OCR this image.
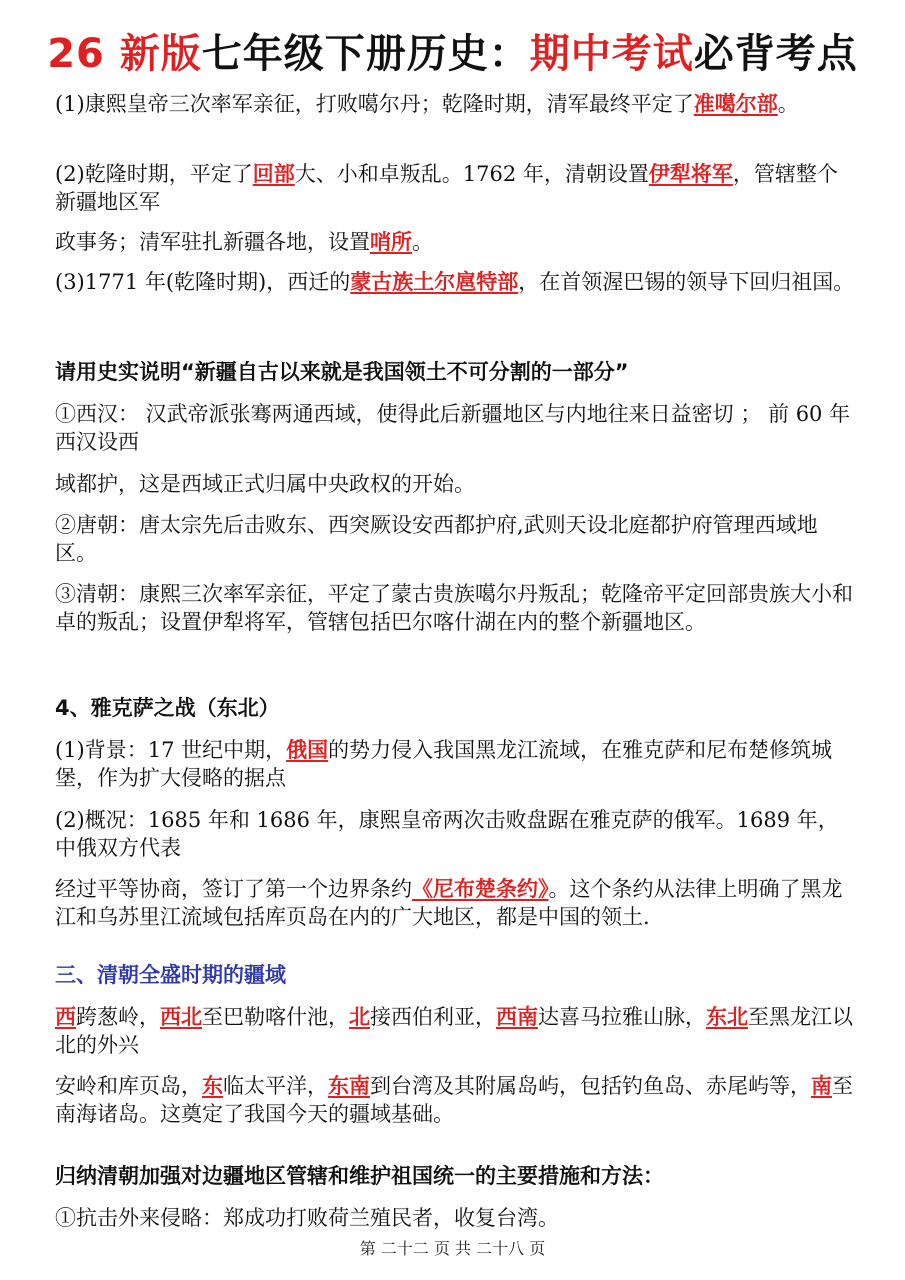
26 新版七年级下册历史：期中考试必背考点
(1)康熙皇帝三次率军亲征，打败噶尔丹；乾隆时期，清军最终平定了准噶尔部。
(2)乾隆时期，平定了回部大、小和卓叛乱。1762 年，清朝设置伊犁将军，管辖整个新疆地区军
政事务；清军驻扎新疆各地，设置哨所。
(3)1771 年(乾隆时期)，西迁的蒙古族土尔扈特部，在首领渥巴锡的领导下回归祖国。
请用史实说明“新疆自古以来就是我国领土不可分割的一部分”
①西汉： 汉武帝派张骞两通西域，使得此后新疆地区与内地往来日益密切 ； 前 60 年西汉设西
域都护，这是西域正式归属中央政权的开始。
②唐朝：唐太宗先后击败东、西突厥设安西都护府,武则天设北庭都护府管理西域地区。
③清朝：康熙三次率军亲征，平定了蒙古贵族噶尔丹叛乱；乾隆帝平定回部贵族大小和卓的叛乱；设置伊犁将军，管辖包括巴尔喀什湖在内的整个新疆地区。
4、雅克萨之战（东北）
(1)背景：17 世纪中期，俄国的势力侵入我国黑龙江流域，在雅克萨和尼布楚修筑城堡，作为扩大侵略的据点
(2)概况：1685 年和 1686 年，康熙皇帝两次击败盘踞在雅克萨的俄军。1689 年，中俄双方代表
经过平等协商，签订了第一个边界条约《尼布楚条约》。这个条约从法律上明确了黑龙江和乌苏里江流域包括库页岛在内的广大地区，都是中国的领土.
三、清朝全盛时期的疆域
西跨葱岭，西北至巴勒喀什池，北接西伯利亚，西南达喜马拉雅山脉，东北至黑龙江以北的外兴
安岭和库页岛，东临太平洋，东南到台湾及其附属岛屿，包括钓鱼岛、赤尾屿等，南至南海诸岛。这奠定了我国今天的疆域基础。
归纳清朝加强对边疆地区管辖和维护祖国统一的主要措施和方法：
①抗击外来侵略：郑成功打败荷兰殖民者，收复台湾。
第 二十二 页 共 二十八 页
